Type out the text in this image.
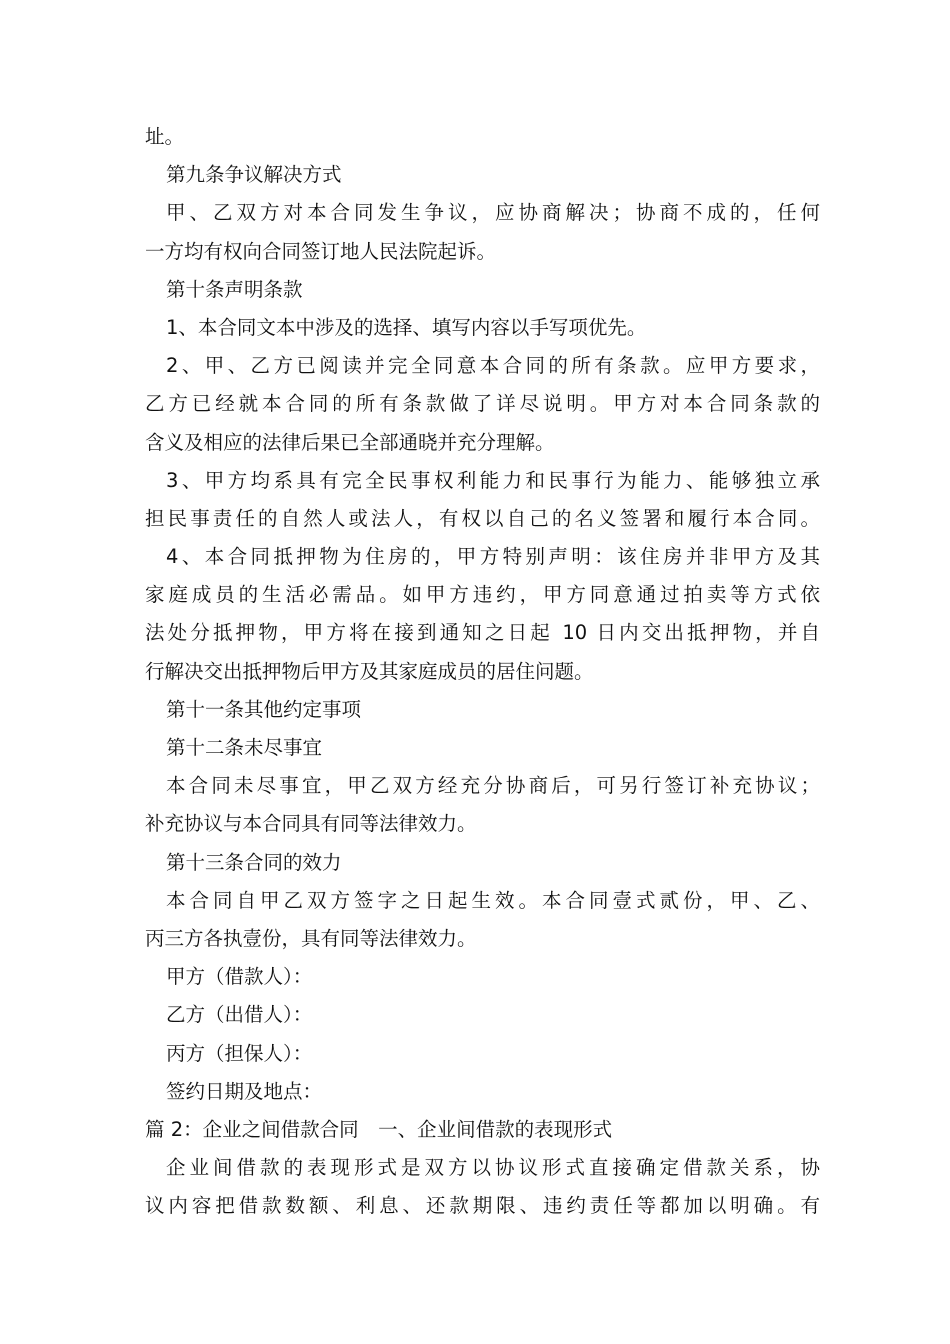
址。
第九条争议解决方式
甲、乙双方对本合同发生争议，应协商解决；协商不成的，任何
一方均有权向合同签订地人民法院起诉。
第十条声明条款
1、本合同文本中涉及的选择、填写内容以手写项优先。
2、甲、乙方已阅读并完全同意本合同的所有条款。应甲方要求，
乙方已经就本合同的所有条款做了详尽说明。甲方对本合同条款的
含义及相应的法律后果已全部通晓并充分理解。
3、甲方均系具有完全民事权利能力和民事行为能力、能够独立承
担民事责任的自然人或法人，有权以自己的名义签署和履行本合同。
4、本合同抵押物为住房的，甲方特别声明：该住房并非甲方及其
家庭成员的生活必需品。如甲方违约，甲方同意通过拍卖等方式依
法处分抵押物，甲方将在接到通知之日起 10 日内交出抵押物，并自
行解决交出抵押物后甲方及其家庭成员的居住问题。
第十一条其他约定事项
第十二条未尽事宜
本合同未尽事宜，甲乙双方经充分协商后，可另行签订补充协议；
补充协议与本合同具有同等法律效力。
第十三条合同的效力
本合同自甲乙双方签字之日起生效。本合同壹式贰份，甲、乙、
丙三方各执壹份，具有同等法律效力。
甲方（借款人）：
乙方（出借人）：
丙方（担保人）：
签约日期及地点：
篇 2：企业之间借款合同　一、企业间借款的表现形式
企业间借款的表现形式是双方以协议形式直接确定借款关系，协
议内容把借款数额、利息、还款期限、违约责任等都加以明确。有
